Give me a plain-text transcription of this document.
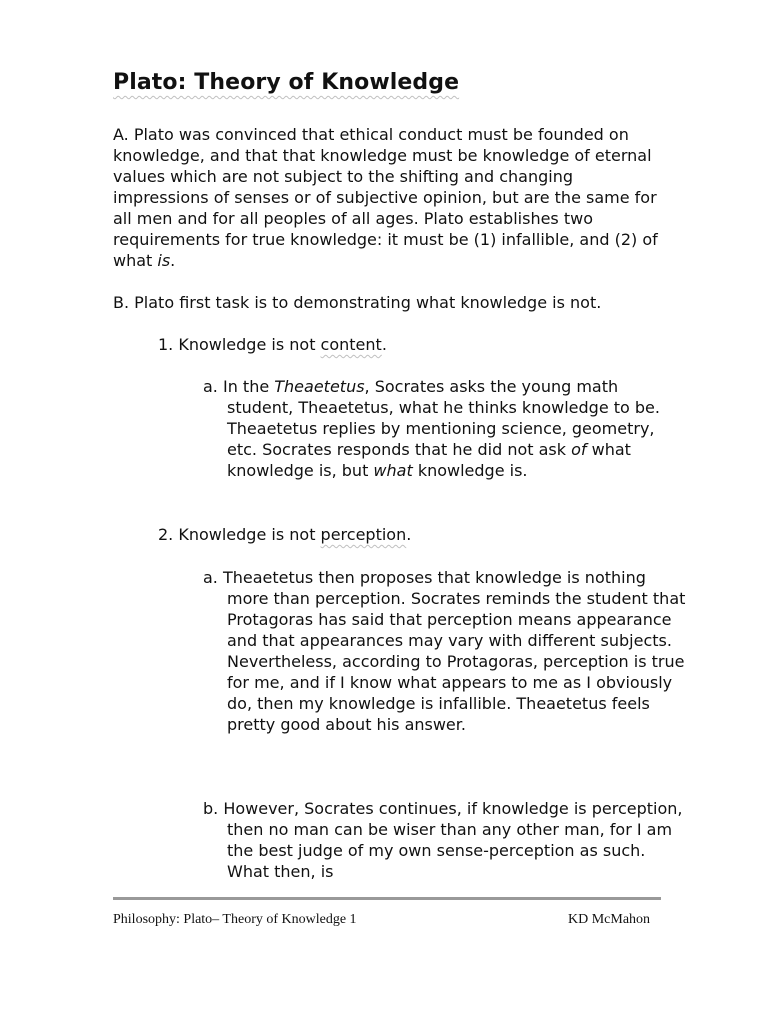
Plato: Theory of Knowledge

A. Plato was convinced that ethical conduct must be founded on knowledge, and that that knowledge must be knowledge of eternal values which are not subject to the shifting and changing impressions of senses or of subjective opinion, but are the same for all men and for all peoples of all ages. Plato establishes two requirements for true knowledge: it must be (1) infallible, and (2) of what is.

B. Plato first task is to demonstrating what knowledge is not.

1. Knowledge is not content.

a. In the Theaetetus, Socrates asks the young math student, Theaetetus, what he thinks knowledge to be. Theaetetus replies by mentioning science, geometry, etc. Socrates responds that he did not ask of what knowledge is, but what knowledge is.

2. Knowledge is not perception.

a. Theaetetus then proposes that knowledge is nothing more than perception. Socrates reminds the student that Protagoras has said that perception means appearance and that appearances may vary with different subjects. Nevertheless, according to Protagoras, perception is true for me, and if I know what appears to me as I obviously do, then my knowledge is infallible. Theaetetus feels pretty good about his answer.

b. However, Socrates continues, if knowledge is perception, then no man can be wiser than any other man, for I am the best judge of my own sense-perception as such. What then, is

Philosophy: Plato– Theory of Knowledge 1	KD McMahon
